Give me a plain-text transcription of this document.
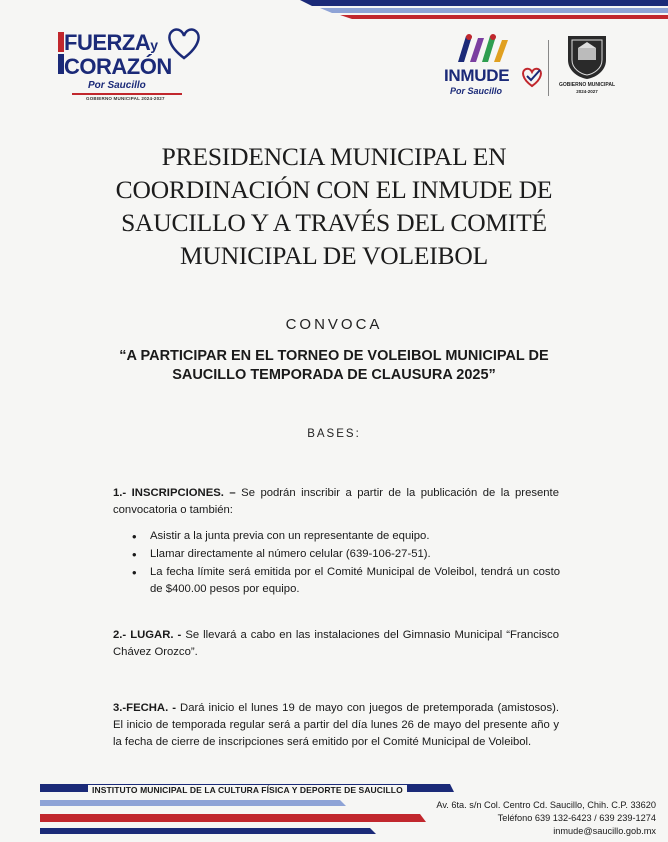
FUERZAy
CORAZÓN
Por Saucillo
GOBIERNO MUNICIPAL 2024-2027
INMUDE
Por Saucillo
GOBIERNO MUNICIPAL
2024-2027
PRESIDENCIA MUNICIPAL EN
COORDINACIÓN CON EL INMUDE DE
SAUCILLO Y A TRAVÉS DEL COMITÉ
MUNICIPAL DE VOLEIBOL
CONVOCA
“A PARTICIPAR EN EL TORNEO DE VOLEIBOL MUNICIPAL DE SAUCILLO TEMPORADA DE CLAUSURA 2025”
BASES:
1.- INSCRIPCIONES. – Se podrán inscribir a partir de la publicación de la presente convocatoria o también:
• Asistir a la junta previa con un representante de equipo.
• Llamar directamente al número celular (639-106-27-51).
• La fecha límite será emitida por el Comité Municipal de Voleibol, tendrá un costo de $400.00 pesos por equipo.
2.- LUGAR. - Se llevará a cabo en las instalaciones del Gimnasio Municipal “Francisco Chávez Orozco”.
3.-FECHA. - Dará inicio el lunes 19 de mayo con juegos de pretemporada (amistosos). El inicio de temporada regular será a partir del día lunes 26 de mayo del presente año y la fecha de cierre de inscripciones será emitido por el Comité Municipal de Voleibol.
INSTITUTO MUNICIPAL DE LA CULTURA FÍSICA Y DEPORTE DE SAUCILLO
Av. 6ta. s/n Col. Centro Cd. Saucillo, Chih. C.P. 33620
Teléfono 639 132-6423 / 639 239-1274
inmude@saucillo.gob.mx
